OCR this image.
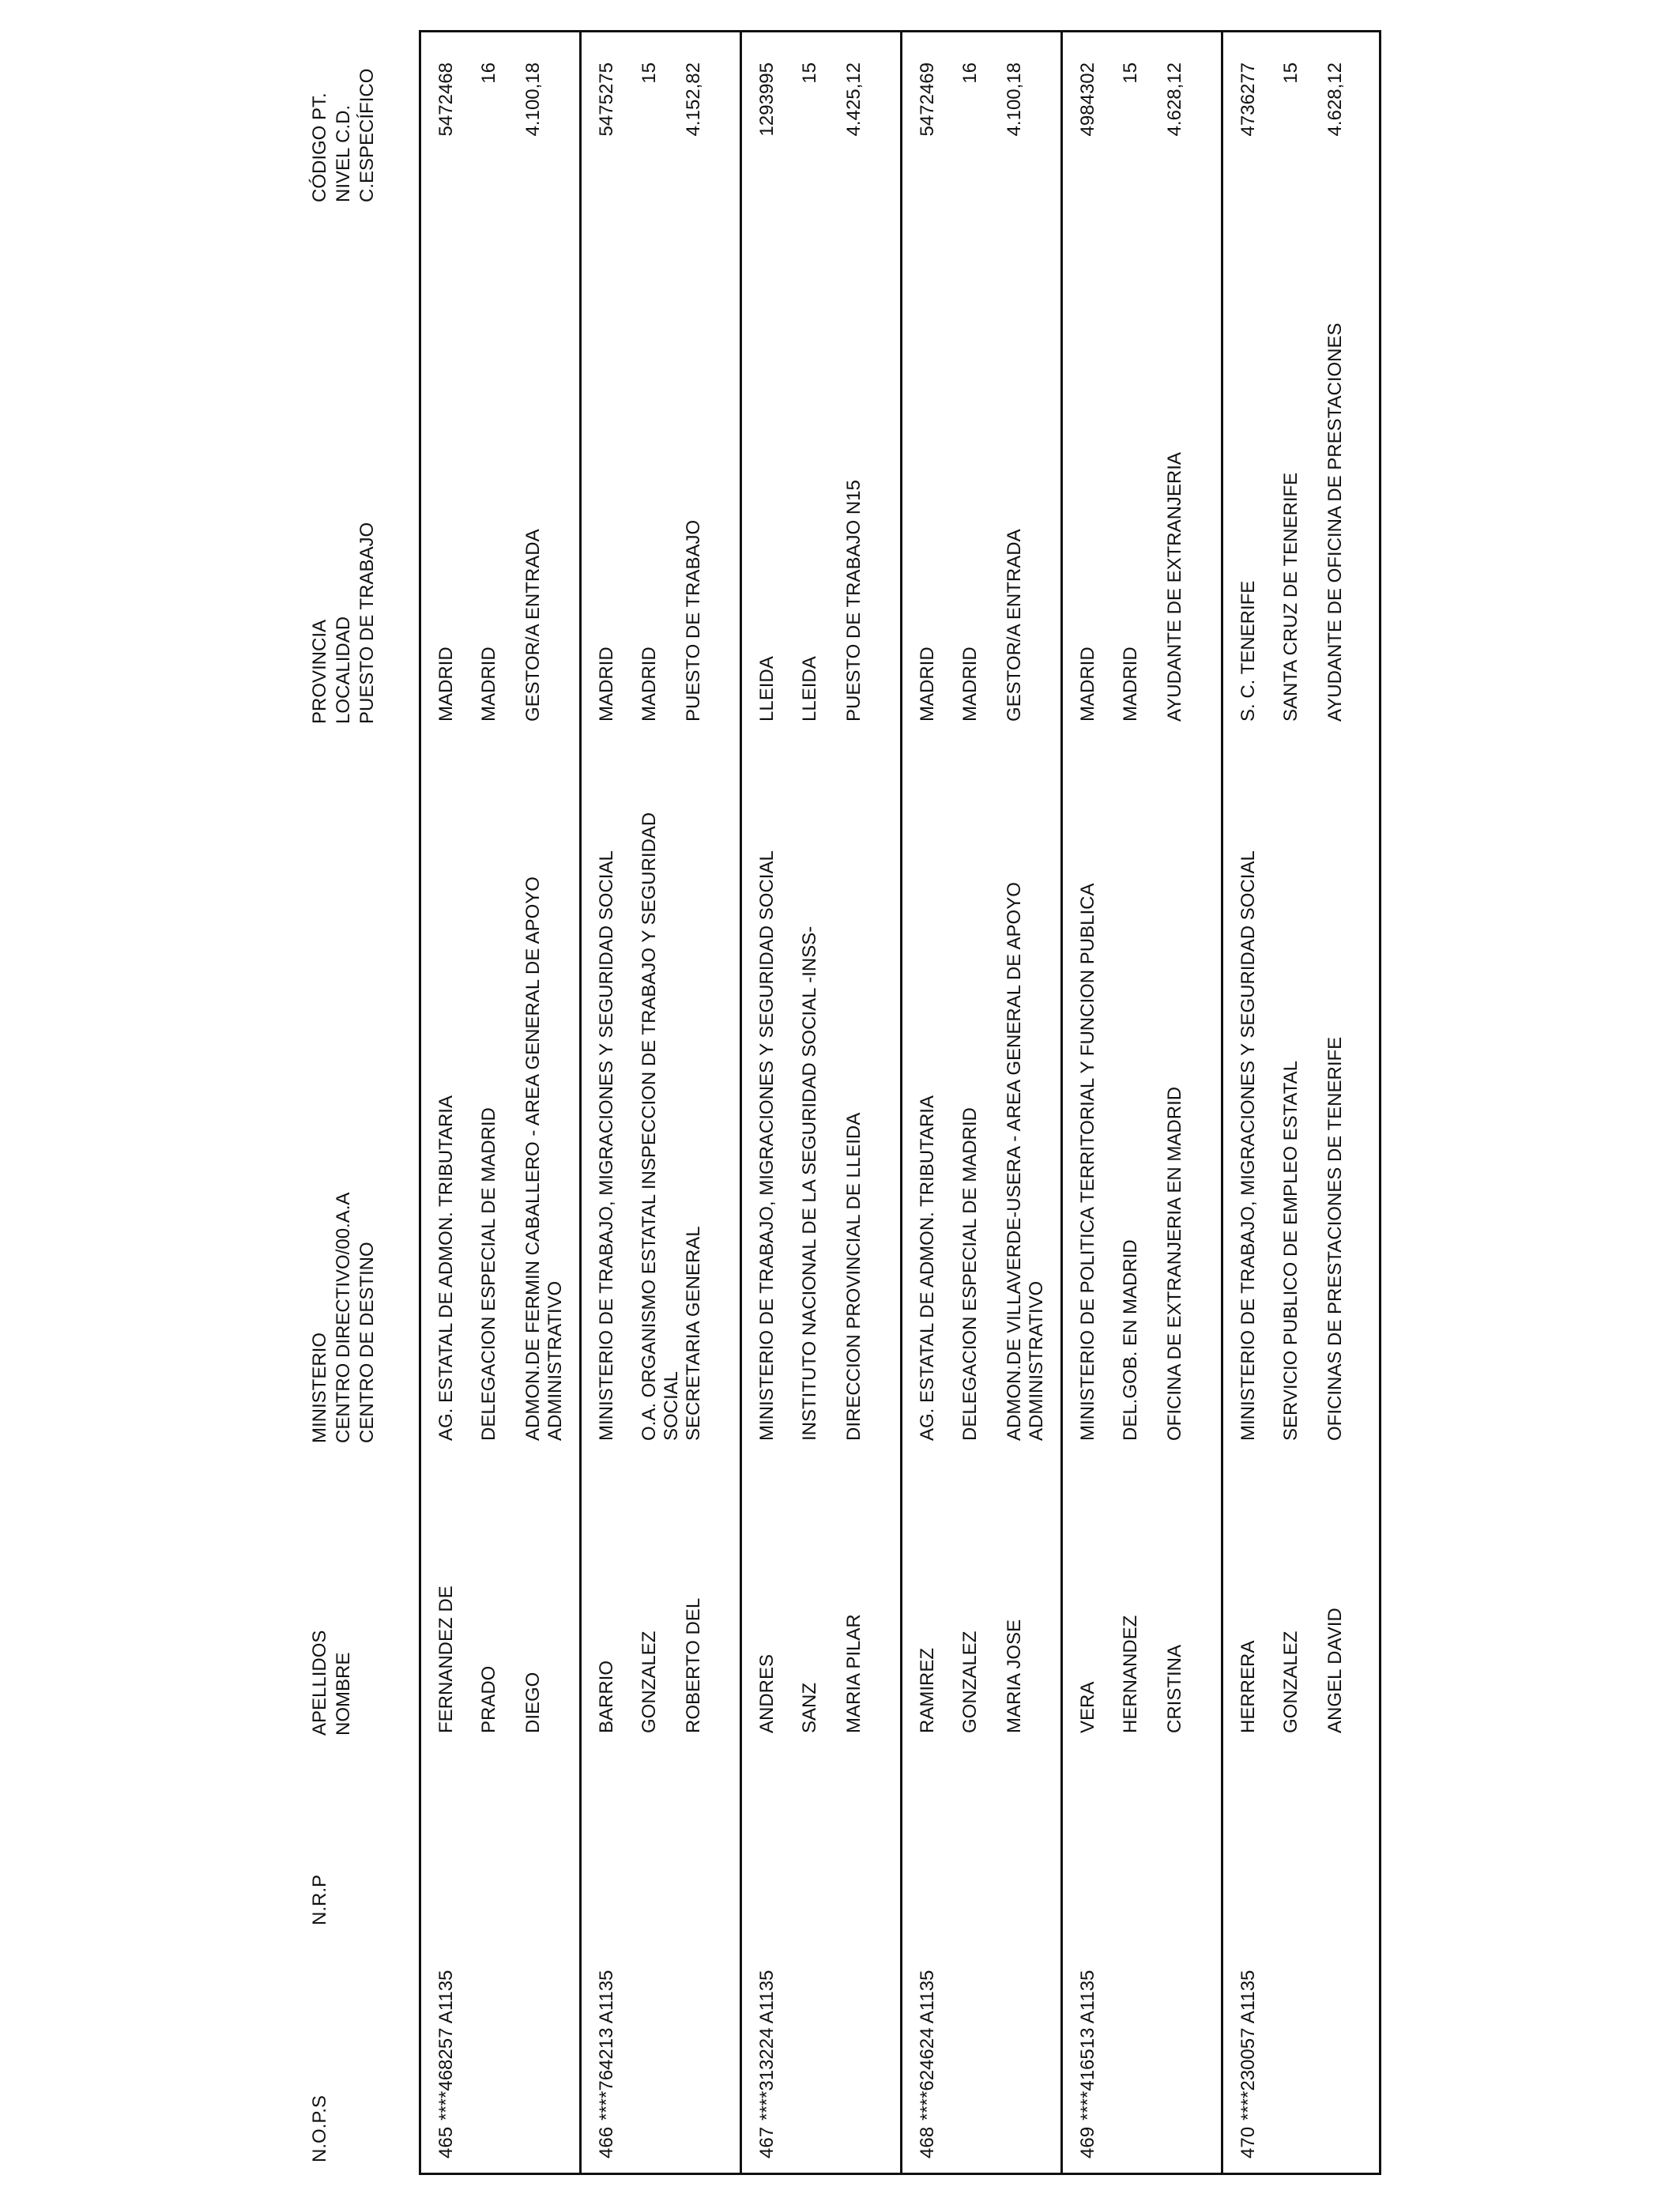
N.O.P.S
N.R.P
APELLIDOS
NOMBRE
MINISTERIO
CENTRO DIRECTIVO/00.A.A
CENTRO DE DESTINO
PROVINCIA
LOCALIDAD
PUESTO DE TRABAJO
CÓDIGO PT.
NIVEL C.D.
C.ESPECÍFICO
465
****468257 A1135
FERNANDEZ DE PRADO DIEGO
AG. ESTATAL DE ADMON. TRIBUTARIA DELEGACION ESPECIAL DE MADRID ADMON.DE FERMIN CABALLERO - AREA GENERAL DE APOYO ADMINISTRATIVO
MADRID MADRID GESTOR/A ENTRADA
5472468 16 4.100,18
466
****764213 A1135
BARRIO GONZALEZ ROBERTO DEL
MINISTERIO DE TRABAJO, MIGRACIONES Y SEGURIDAD SOCIAL O.A. ORGANISMO ESTATAL INSPECCION DE TRABAJO Y SEGURIDAD SOCIAL SECRETARIA GENERAL
MADRID MADRID PUESTO DE TRABAJO
5475275 15 4.152,82
467
****313224 A1135
ANDRES SANZ MARIA PILAR
MINISTERIO DE TRABAJO, MIGRACIONES Y SEGURIDAD SOCIAL INSTITUTO NACIONAL DE LA SEGURIDAD SOCIAL -INSS- DIRECCION PROVINCIAL DE LLEIDA
LLEIDA LLEIDA PUESTO DE TRABAJO N15
1293995 15 4.425,12
468
****624624 A1135
RAMIREZ GONZALEZ MARIA JOSE
AG. ESTATAL DE ADMON. TRIBUTARIA DELEGACION ESPECIAL DE MADRID ADMON.DE VILLAVERDE-USERA - AREA GENERAL DE APOYO ADMINISTRATIVO
MADRID MADRID GESTOR/A ENTRADA
5472469 16 4.100,18
469
****416513 A1135
VERA HERNANDEZ CRISTINA
MINISTERIO DE POLITICA TERRITORIAL Y FUNCION PUBLICA DEL.GOB. EN MADRID OFICINA DE EXTRANJERIA EN MADRID
MADRID MADRID AYUDANTE DE EXTRANJERIA
4984302 15 4.628,12
470
****230057 A1135
HERRERA GONZALEZ ANGEL DAVID
MINISTERIO DE TRABAJO, MIGRACIONES Y SEGURIDAD SOCIAL SERVICIO PUBLICO DE EMPLEO ESTATAL OFICINAS DE PRESTACIONES DE TENERIFE
S. C. TENERIFE SANTA CRUZ DE TENERIFE AYUDANTE DE OFICINA DE PRESTACIONES
4736277 15 4.628,12
